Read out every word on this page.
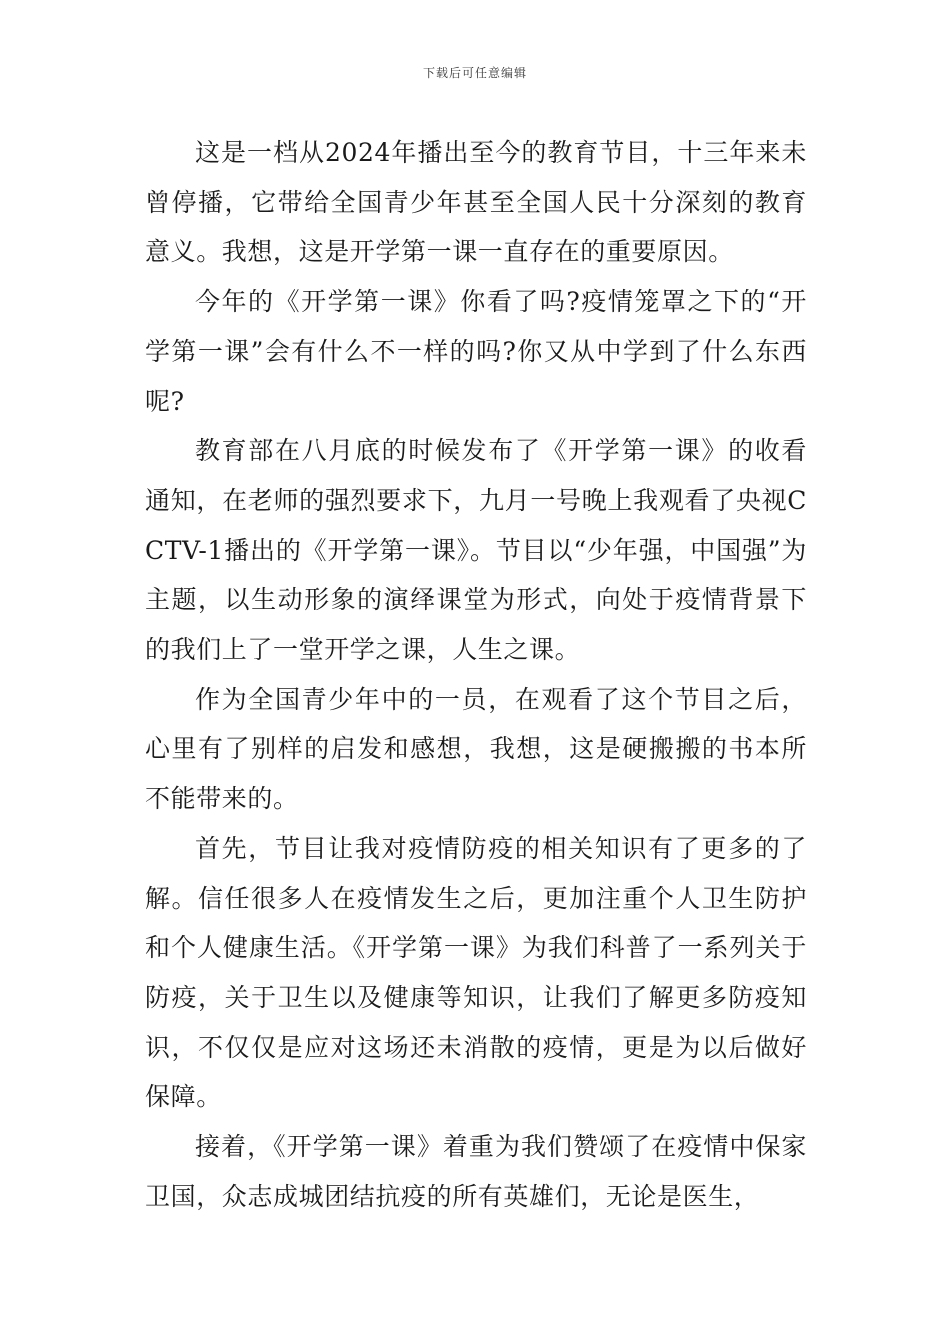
下载后可任意编辑

这是一档从2024年播出至今的教育节目，十三年来未曾停播，它带给全国青少年甚至全国人民十分深刻的教育意义。我想，这是开学第一课一直存在的重要原因。

今年的《开学第一课》你看了吗?疫情笼罩之下的“开学第一课”会有什么不一样的吗?你又从中学到了什么东西呢?

教育部在八月底的时候发布了《开学第一课》的收看通知，在老师的强烈要求下，九月一号晚上我观看了央视CCTV-1播出的《开学第一课》。节目以“少年强，中国强”为主题，以生动形象的演绎课堂为形式，向处于疫情背景下的我们上了一堂开学之课，人生之课。

作为全国青少年中的一员，在观看了这个节目之后，心里有了别样的启发和感想，我想，这是硬搬搬的书本所不能带来的。

首先，节目让我对疫情防疫的相关知识有了更多的了解。信任很多人在疫情发生之后，更加注重个人卫生防护和个人健康生活。《开学第一课》为我们科普了一系列关于防疫，关于卫生以及健康等知识，让我们了解更多防疫知识，不仅仅是应对这场还未消散的疫情，更是为以后做好保障。

接着，《开学第一课》着重为我们赞颂了在疫情中保家卫国，众志成城团结抗疫的所有英雄们，无论是医生，
